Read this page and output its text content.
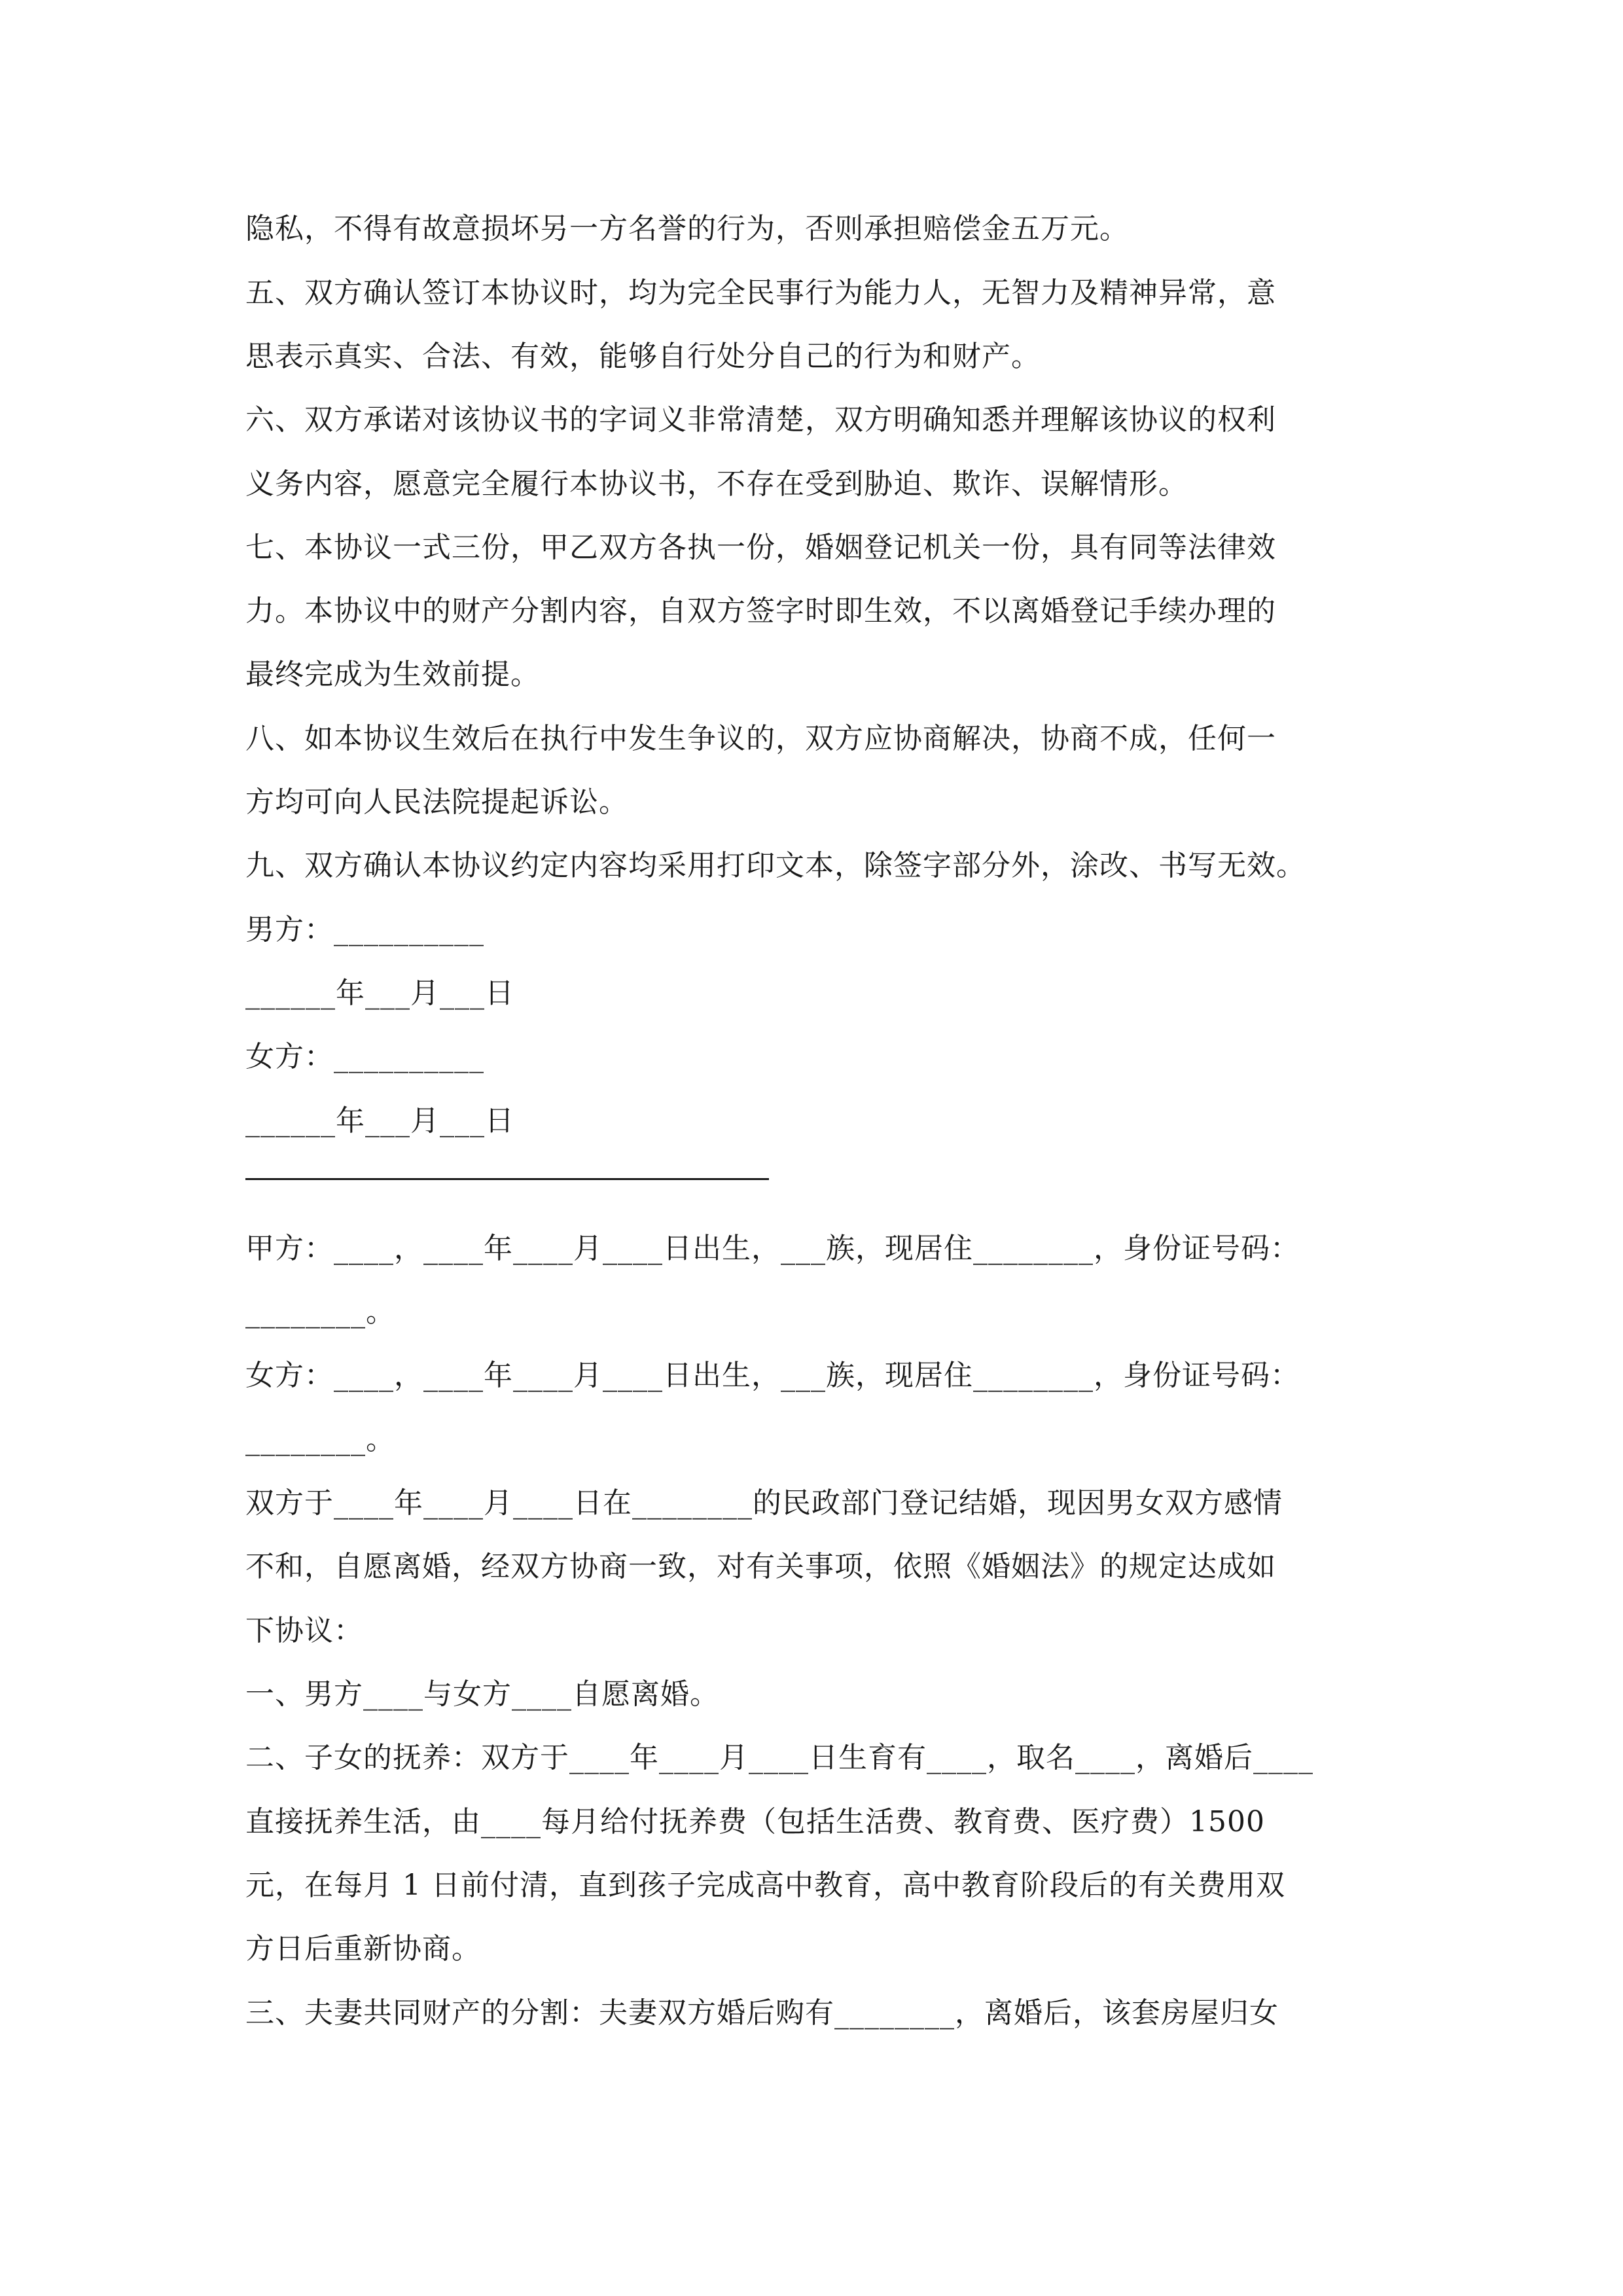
隐私，不得有故意损坏另一方名誉的行为，否则承担赔偿金五万元。
五、双方确认签订本协议时，均为完全民事行为能力人，无智力及精神异常，意
思表示真实、合法、有效，能够自行处分自己的行为和财产。
六、双方承诺对该协议书的字词义非常清楚，双方明确知悉并理解该协议的权利
义务内容，愿意完全履行本协议书，不存在受到胁迫、欺诈、误解情形。
七、本协议一式三份，甲乙双方各执一份，婚姻登记机关一份，具有同等法律效
力。本协议中的财产分割内容，自双方签字时即生效，不以离婚登记手续办理的
最终完成为生效前提。
八、如本协议生效后在执行中发生争议的，双方应协商解决，协商不成，任何一
方均可向人民法院提起诉讼。
九、双方确认本协议约定内容均采用打印文本，除签字部分外，涂改、书写无效。
男方：__________
______年___月___日
女方：__________
______年___月___日
甲方：____，____年____月____日出生，___族，现居住________，身份证号码：
________。
女方：____，____年____月____日出生，___族，现居住________，身份证号码：
________。
双方于____年____月____日在________的民政部门登记结婚，现因男女双方感情
不和，自愿离婚，经双方协商一致，对有关事项，依照《婚姻法》的规定达成如
下协议：
一、男方____与女方____自愿离婚。
二、子女的抚养：双方于____年____月____日生育有____，取名____，离婚后____
直接抚养生活，由____每月给付抚养费（包括生活费、教育费、医疗费）1500
元，在每月 1 日前付清，直到孩子完成高中教育，高中教育阶段后的有关费用双
方日后重新协商。
三、夫妻共同财产的分割：夫妻双方婚后购有________，离婚后，该套房屋归女
